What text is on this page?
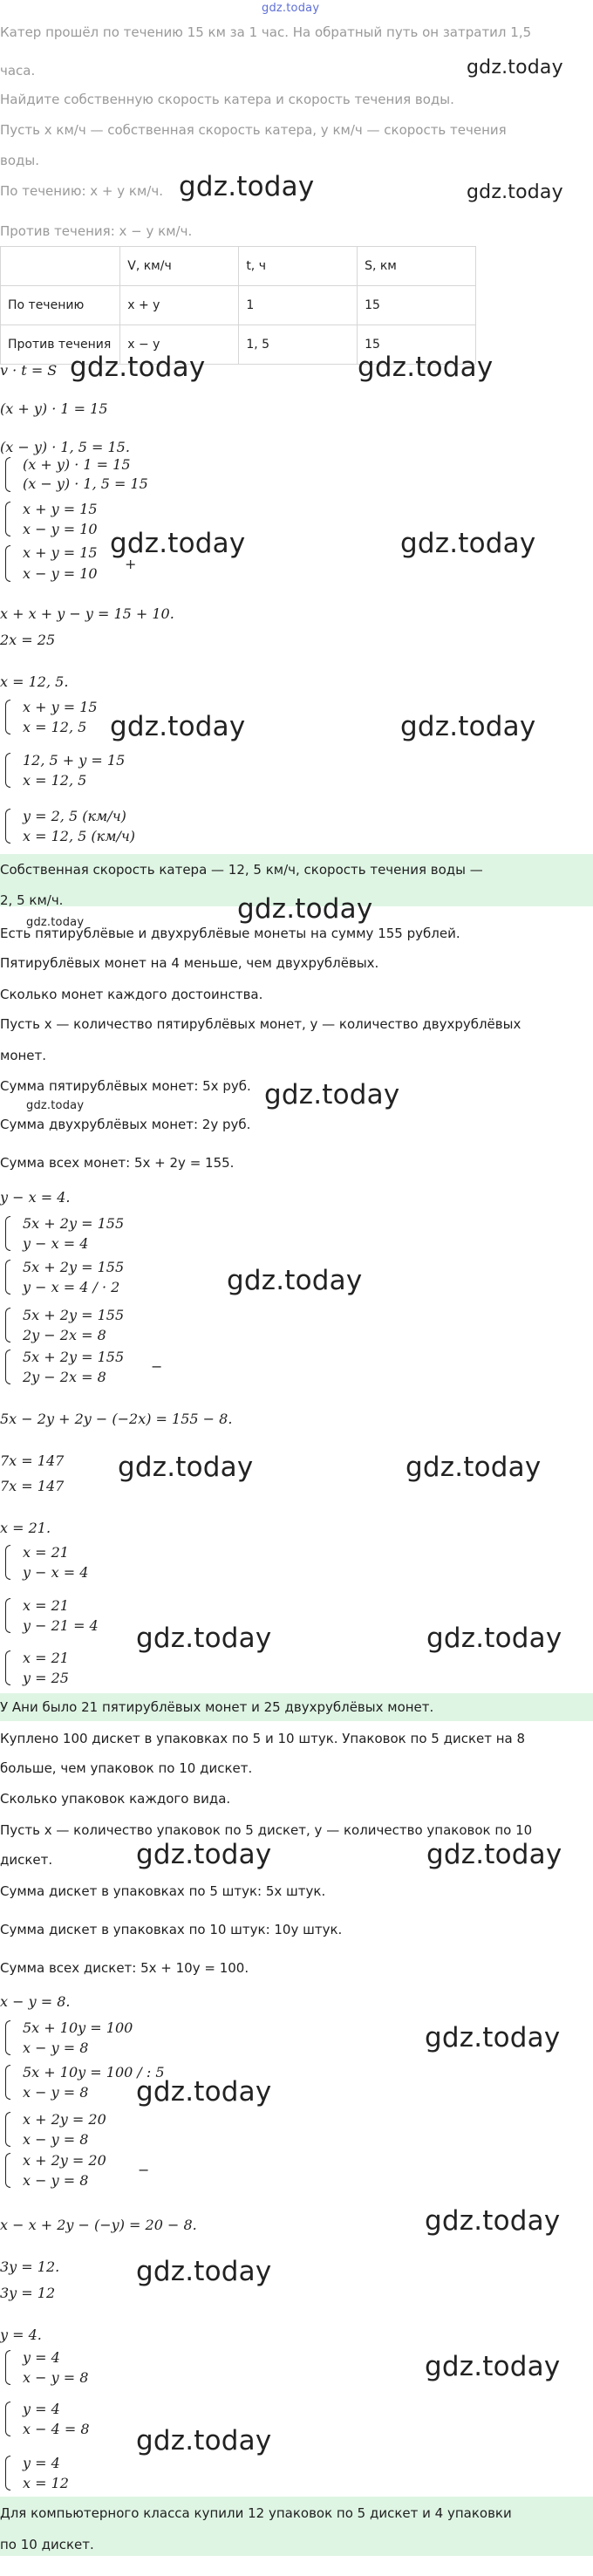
gdz.today
Катер прошёл по течению 15 км за 1 час. На обратный путь он затратил 1,5
часа.	gdz.today
Найдите собственную скорость катера и скорость течения воды.
Пусть x км/ч — собственная скорость катера, y км/ч — скорость течения
воды.
По течению: x + y км/ч. gdz.today	gdz.today
Против течения: x − y км/ч.
	V, км/ч	t, ч	S, км
По течению	x + y	1	15
Против течения	x − y	1, 5	15
v · t = S gdz.today	gdz.today
(x + y) · 1 = 15
(x − y) · 1, 5 = 15.
(x + y) · 1 = 15
(x − y) · 1, 5 = 15
x + y = 15
x − y = 10 gdz.today	gdz.today
x + y = 15
x − y = 10
+
x + x + y − y = 15 + 10.
2x = 25
x = 12, 5.
x + y = 15
x = 12, 5 gdz.today	gdz.today
12, 5 + y = 15
x = 12, 5
y = 2, 5 (км/ч)
x = 12, 5 (км/ч)
Собственная скорость катера — 12, 5 км/ч, скорость течения воды —
2, 5 км/ч.	gdz.today
gdz.today
Есть пятирублёвые и двухрублёвые монеты на сумму 155 рублей.
Пятирублёвых монет на 4 меньше, чем двухрублёвых.
Сколько монет каждого достоинства.
Пусть x — количество пятирублёвых монет, y — количество двухрублёвых
монет.
Сумма пятирублёвых монет: 5x руб.
gdz.today	gdz.today
Сумма двухрублёвых монет: 2y руб.
Сумма всех монет: 5x + 2y = 155.
y − x = 4.
5x + 2y = 155
y − x = 4
5x + 2y = 155
y − x = 4 / · 2	gdz.today
5x + 2y = 155
2y − 2x = 8
5x + 2y = 155
2y − 2x = 8
−
5x − 2y + 2y − (−2x) = 155 − 8.
7x = 147 gdz.today	gdz.today
7x = 147
x = 21.
x = 21
y − x = 4
x = 21
y − 21 = 4 gdz.today	gdz.today
x = 21
y = 25
У Ани было 21 пятирублёвых монет и 25 двухрублёвых монет.
Куплено 100 дискет в упаковках по 5 и 10 штук. Упаковок по 5 дискет на 8
больше, чем упаковок по 10 дискет.
Сколько упаковок каждого вида.
Пусть x — количество упаковок по 5 дискет, y — количество упаковок по 10
дискет.	gdz.today	gdz.today
Сумма дискет в упаковках по 5 штук: 5x штук.
Сумма дискет в упаковках по 10 штук: 10y штук.
Сумма всех дискет: 5x + 10y = 100.
x − y = 8.
5x + 10y = 100
x − y = 8	gdz.today
5x + 10y = 100 / : 5
x − y = 8 gdz.today
x + 2y = 20
x − y = 8
x + 2y = 20
x − y = 8
−
x − x + 2y − (−y) = 20 − 8.	gdz.today
3y = 12.	gdz.today
3y = 12
y = 4.
y = 4
x − y = 8	gdz.today
y = 4
x − 4 = 8 gdz.today
y = 4
x = 12
Для компьютерного класса купили 12 упаковок по 5 дискет и 4 упаковки
по 10 дискет.
